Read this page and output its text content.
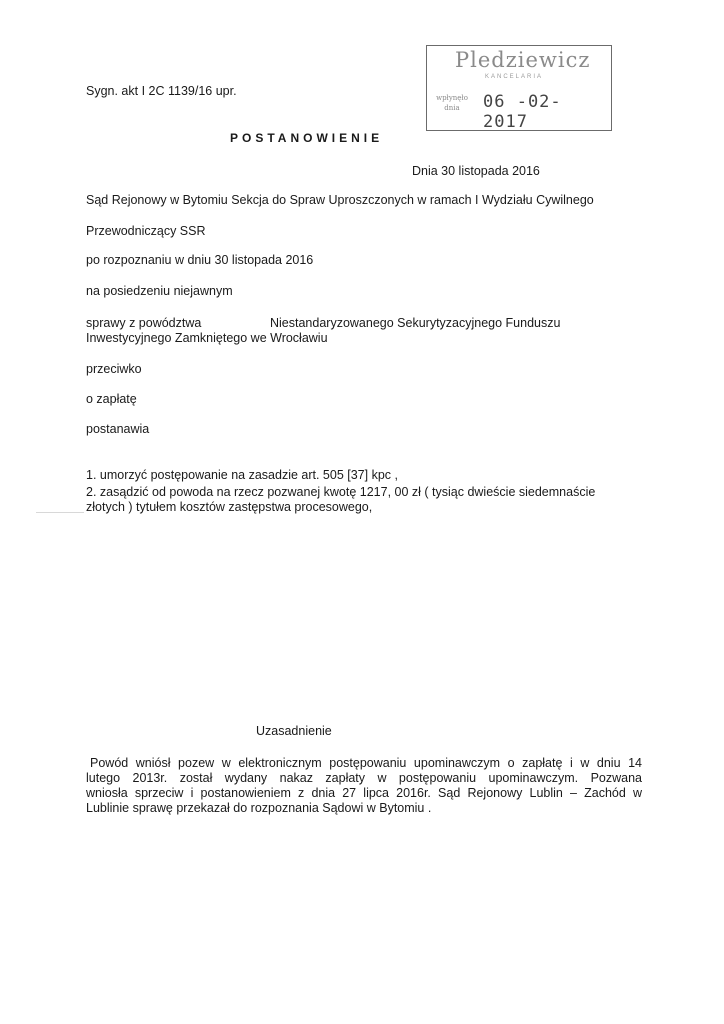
Pledziewicz
KANCELARIA
wpłynęło dnia	06 -02- 2017
Sygn. akt I 2C 1139/16 upr.
POSTANOWIENIE
Dnia 30 listopada 2016
Sąd Rejonowy w Bytomiu Sekcja do Spraw Uproszczonych w ramach I Wydziału Cywilnego
Przewodniczący SSR
po rozpoznaniu w dniu 30 listopada 2016
na posiedzeniu niejawnym
sprawy z powództwa	Niestandaryzowanego Sekurytyzacyjnego Funduszu
Inwestycyjnego Zamkniętego we Wrocławiu
przeciwko
o zapłatę
postanawia
1. umorzyć postępowanie na zasadzie art. 505 [37] kpc ,
2. zasądzić od powoda na rzecz pozwanej kwotę 1217, 00 zł ( tysiąc dwieście siedemnaście
złotych ) tytułem kosztów zastępstwa procesowego,
Uzasadnienie
Powód wniósł pozew w elektronicznym postępowaniu upominawczym o zapłatę i w dniu 14
lutego 2013r. został wydany nakaz zapłaty w postępowaniu upominawczym. Pozwana
wniosła sprzeciw i postanowieniem z dnia 27 lipca 2016r. Sąd Rejonowy Lublin – Zachód w
Lublinie sprawę przekazał do rozpoznania Sądowi w Bytomiu .
